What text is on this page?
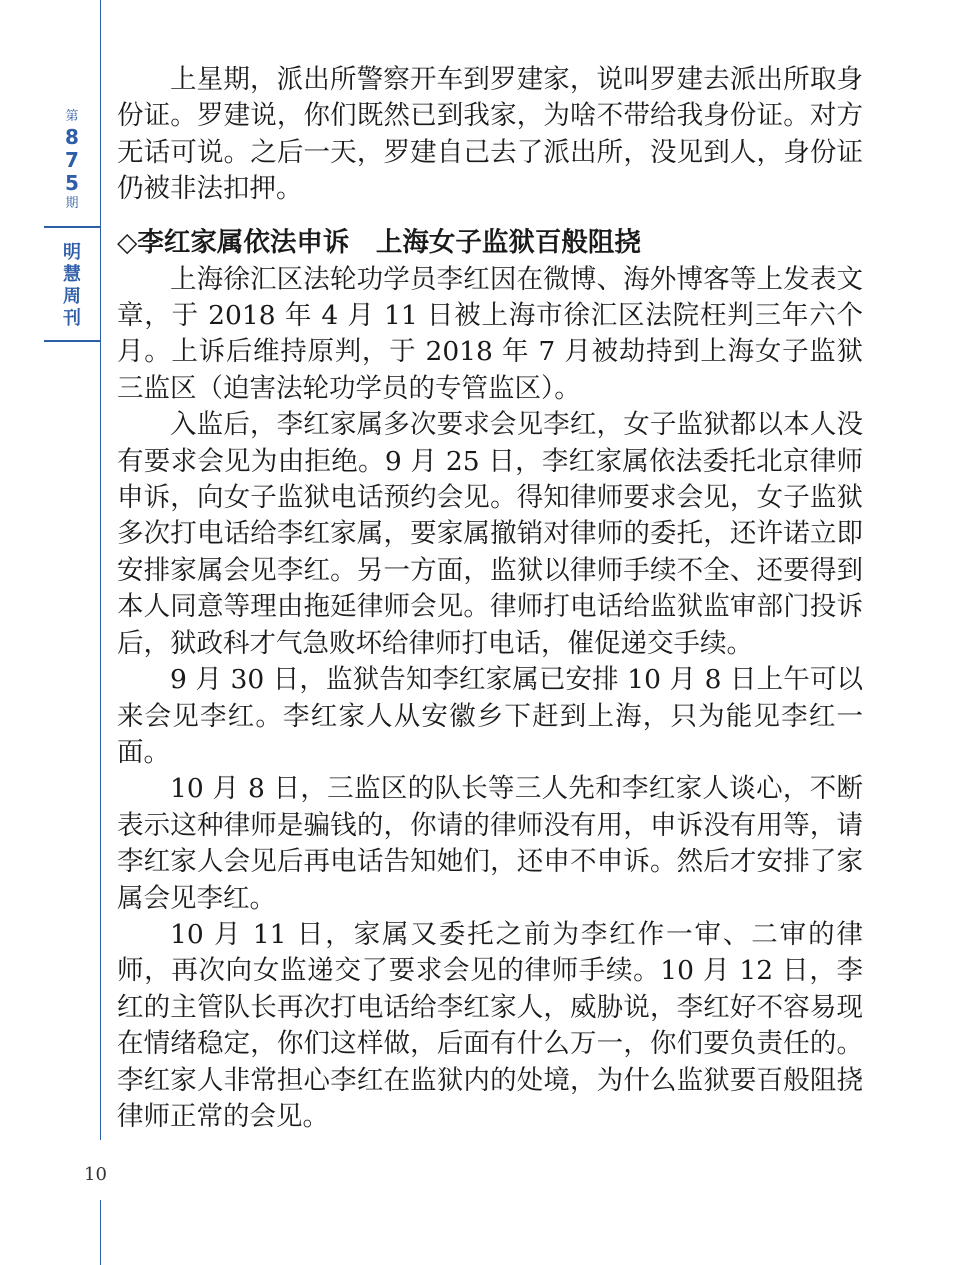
第
8
7
5
期
明
慧
周
刊
10

上星期，派出所警察开车到罗建家，说叫罗建去派出所取身份证。罗建说，你们既然已到我家，为啥不带给我身份证。对方无话可说。之后一天，罗建自己去了派出所，没见到人，身份证仍被非法扣押。

◇李红家属依法申诉　上海女子监狱百般阻挠

上海徐汇区法轮功学员李红因在微博、海外博客等上发表文章，于 2018 年 4 月 11 日被上海市徐汇区法院枉判三年六个月。上诉后维持原判，于 2018 年 7 月被劫持到上海女子监狱三监区（迫害法轮功学员的专管监区）。

入监后，李红家属多次要求会见李红，女子监狱都以本人没有要求会见为由拒绝。9 月 25 日，李红家属依法委托北京律师申诉，向女子监狱电话预约会见。得知律师要求会见，女子监狱多次打电话给李红家属，要家属撤销对律师的委托，还许诺立即安排家属会见李红。另一方面，监狱以律师手续不全、还要得到本人同意等理由拖延律师会见。律师打电话给监狱监审部门投诉后，狱政科才气急败坏给律师打电话，催促递交手续。

9 月 30 日，监狱告知李红家属已安排 10 月 8 日上午可以来会见李红。李红家人从安徽乡下赶到上海，只为能见李红一面。

10 月 8 日，三监区的队长等三人先和李红家人谈心，不断表示这种律师是骗钱的，你请的律师没有用，申诉没有用等，请李红家人会见后再电话告知她们，还申不申诉。然后才安排了家属会见李红。

10 月 11 日，家属又委托之前为李红作一审、二审的律师，再次向女监递交了要求会见的律师手续。10 月 12 日，李红的主管队长再次打电话给李红家人，威胁说，李红好不容易现在情绪稳定，你们这样做，后面有什么万一，你们要负责任的。李红家人非常担心李红在监狱内的处境，为什么监狱要百般阻挠律师正常的会见。
